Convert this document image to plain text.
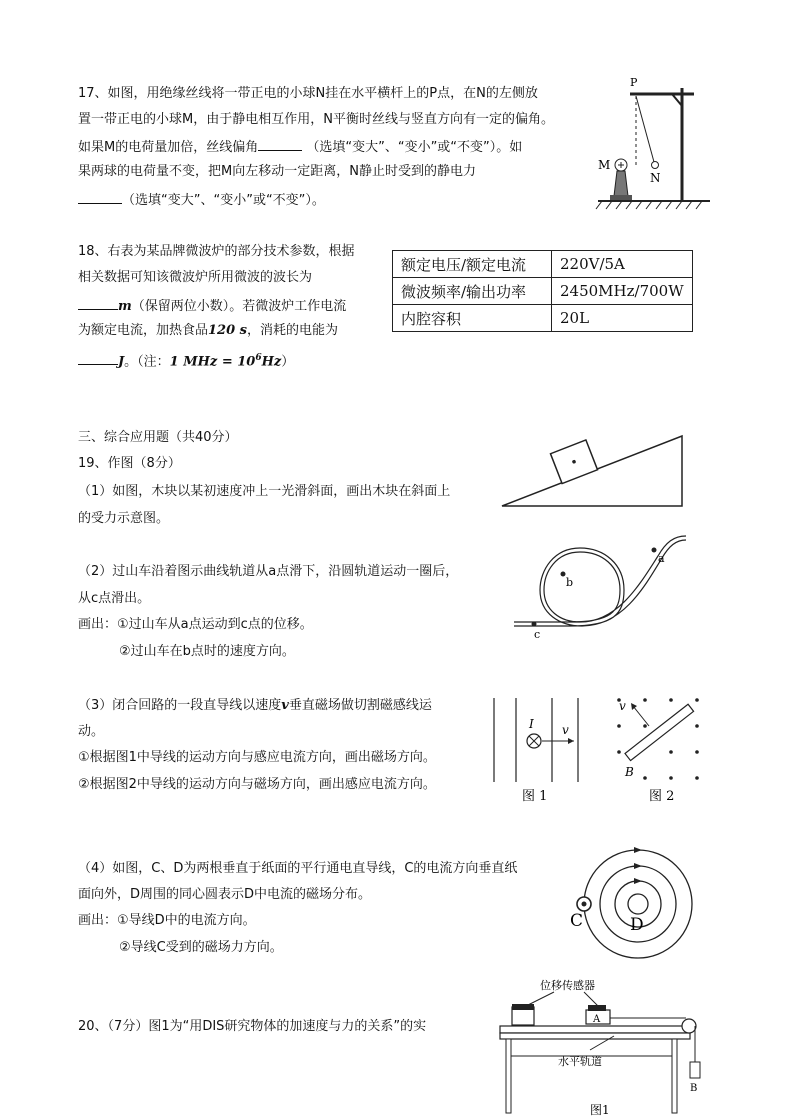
17、如图，用绝缘丝线将一带正电的小球N挂在水平横杆上的P点，在N的左侧放
置一带正电的小球M，由于静电相互作用，N平衡时丝线与竖直方向有一定的偏角。
如果M的电荷量加倍，丝线偏角	（选填“变大”、“变小”或“不变”）。如
果两球的电荷量不变，把M向左移动一定距离，N静止时受到的静电力
（选填“变大”、“变小”或“不变”）。
P
M
N
18、右表为某品牌微波炉的部分技术参数，根据
相关数据可知该微波炉所用微波的波长为
m（保留两位小数）。若微波炉工作电流
为额定电流，加热食品120 s，消耗的电能为
J。（注：1 MHz = $10^6Hz$）
额定电压/额定电流	220V/5A
微波频率/输出功率	2450MHz/700W
内腔容积	20L
三、综合应用题（共40分）
19、作图（8分）
（1）如图，木块以某初速度冲上一光滑斜面，画出木块在斜面上
的受力示意图。
（2）过山车沿着图示曲线轨道从a点滑下，沿圆轨道运动一圈后，
从c点滑出。
画出：①过山车从a点运动到c点的位移。
②过山车在b点时的速度方向。
a
b
c
（3）闭合回路的一段直导线以速度v垂直磁场做切割磁感线运
动。
①根据图1中导线的运动方向与感应电流方向，画出磁场方向。
②根据图2中导线的运动方向与磁场方向，画出感应电流方向。
I v
图 1
v
B
图 2
（4）如图，C、D为两根垂直于纸面的平行通电直导线，C的电流方向垂直纸
面向外，D周围的同心圆表示D中电流的磁场分布。
画出：①导线D中的电流方向。
②导线C受到的磁场力方向。
C	D
20、（7分）图1为“用DIS研究物体的加速度与力的关系”的实
位移传感器
A
B
水平轨道
图1
